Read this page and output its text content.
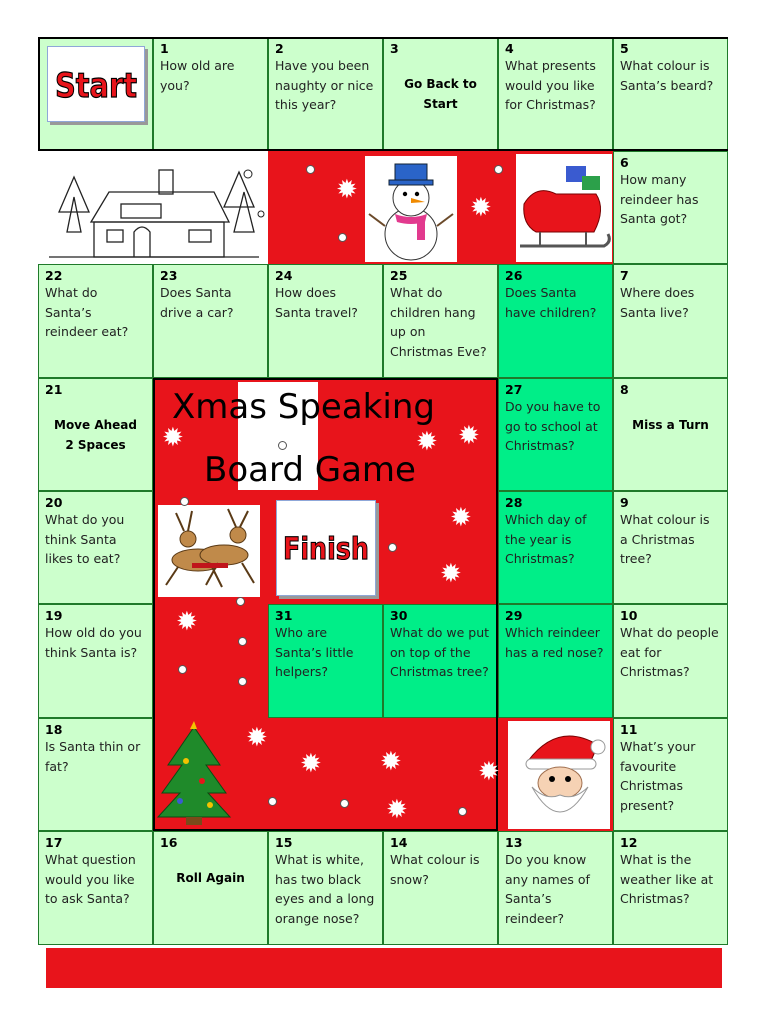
Start
1
How old are you?
2
Have you been naughty or nice this year?
3
Go Back to Start
4
What presents would you like for Christmas?
5
What colour is Santa’s beard?
6
How many reindeer has Santa got?
7
Where does Santa live?
8
Miss a Turn
9
What colour is a Christmas tree?
10
What do people eat for Christmas?
11
What’s your favourite Christmas present?
12
What is the weather like at Christmas?
13
Do you know any names of Santa’s reindeer?
14
What colour is snow?
15
What is white, has two black eyes and a long orange nose?
16
Roll Again
17
What question would you like to ask Santa?
18
Is Santa thin or fat?
19
How old do you think Santa is?
20
What do you think Santa likes to eat?
21
Move Ahead 2 Spaces
22
What do Santa’s reindeer eat?
23
Does Santa drive a car?
24
How does Santa travel?
25
What do children hang up on Christmas Eve?
26
Does Santa have children?
27
Do you have to go to school at Christmas?
28
Which day of the year is Christmas?
29
Which reindeer has a red nose?
30
What do we put on top of the Christmas tree?
31
Who are Santa’s little helpers?
Xmas Speaking
Board Game
Finish
✹
✹
✹	✹ ✹
✹
✹
✹
✹
✹ ✹	✹
✹
